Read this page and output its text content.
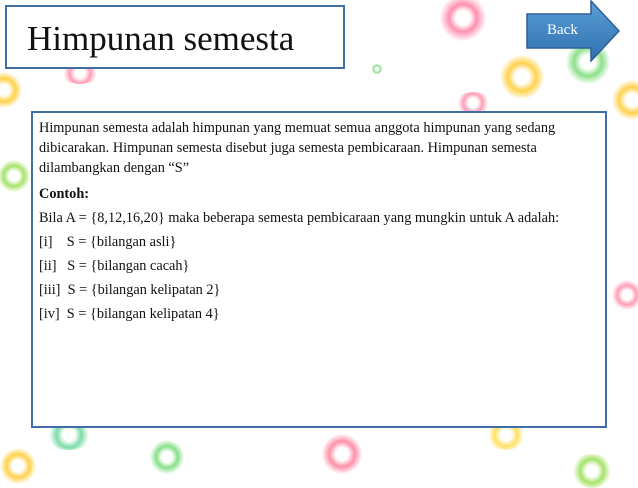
Himpunan semesta	Back

Himpunan semesta adalah himpunan yang memuat semua anggota himpunan yang sedang dibicarakan. Himpunan semesta disebut juga semesta pembicaraan. Himpunan semesta dilambangkan dengan “S”

Contoh:
Bila A = {8,12,16,20} maka beberapa semesta pembicaraan yang mungkin untuk A adalah:
[i]    S = {bilangan asli}
[ii]   S = {bilangan cacah}
[iii]  S = {bilangan kelipatan 2}
[iv]  S = {bilangan kelipatan 4}
